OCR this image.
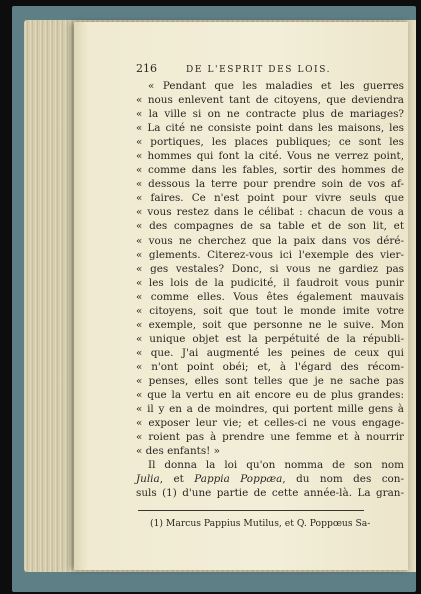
216	DE L'ESPRIT DES LOIS.
« Pendant que les maladies et les guerres
« nous enlevent tant de citoyens, que deviendra
« la ville si on ne contracte plus de mariages?
« La cité ne consiste point dans les maisons, les
« portiques, les places publiques; ce sont les
« hommes qui font la cité. Vous ne verrez point,
« comme dans les fables, sortir des hommes de
« dessous la terre pour prendre soin de vos af-
« faires. Ce n'est point pour vivre seuls que
« vous restez dans le célibat : chacun de vous a
« des compagnes de sa table et de son lit, et
« vous ne cherchez que la paix dans vos déré-
« glements. Citerez-vous ici l'exemple des vier-
« ges vestales? Donc, si vous ne gardiez pas
« les lois de la pudicité, il faudroit vous punir
« comme elles. Vous êtes également mauvais
« citoyens, soit que tout le monde imite votre
« exemple, soit que personne ne le suive. Mon
« unique objet est la perpétuité de la républi-
« que. J'ai augmenté les peines de ceux qui
« n'ont point obéi; et, à l'égard des récom-
« penses, elles sont telles que je ne sache pas
« que la vertu en ait encore eu de plus grandes:
« il y en a de moindres, qui portent mille gens à
« exposer leur vie; et celles-ci ne vous engage-
« roient pas à prendre une femme et à nourrir
« des enfants! »
Il donna la loi qu'on nomma de son nom
Julia, et Pappia Poppæa, du nom des con-
suls (1) d'une partie de cette année-là. La gran-
(1) Marcus Pappius Mutilus, et Q. Poppœus Sa-
